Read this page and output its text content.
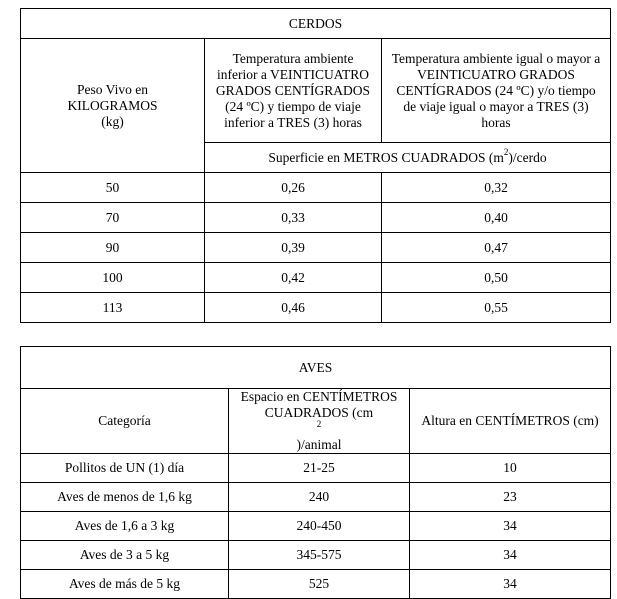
CERDOS		

Peso Vivo en
KILOGRAMOS
(kg)	Temperatura ambiente
inferior a VEINTICUATRO
GRADOS CENTÍGRADOS
(24 ºC) y tiempo de viaje
inferior a TRES (3) horas	Temperatura ambiente igual o mayor a
VEINTICUATRO GRADOS
CENTÍGRADOS (24 ºC) y/o tiempo
de viaje igual o mayor a TRES (3)
horas

	Superficie en METROS CUADRADOS $(m^2)$/cerdo	
50	0,26	0,32
70	0,33	0,40
90	0,39	0,47
100	0,42	0,50
113	0,46	0,55
AVES		
Categoría	Espacio en CENTÍMETROS
CUADRADOS (cm
$^2$
)/animal	Altura en CENTÍMETROS (cm)
Pollitos de UN (1) día	21-25	10
Aves de menos de 1,6 kg	240	23
Aves de 1,6 a 3 kg	240-450	34
Aves de 3 a 5 kg	345-575	34
Aves de más de 5 kg	525	34
